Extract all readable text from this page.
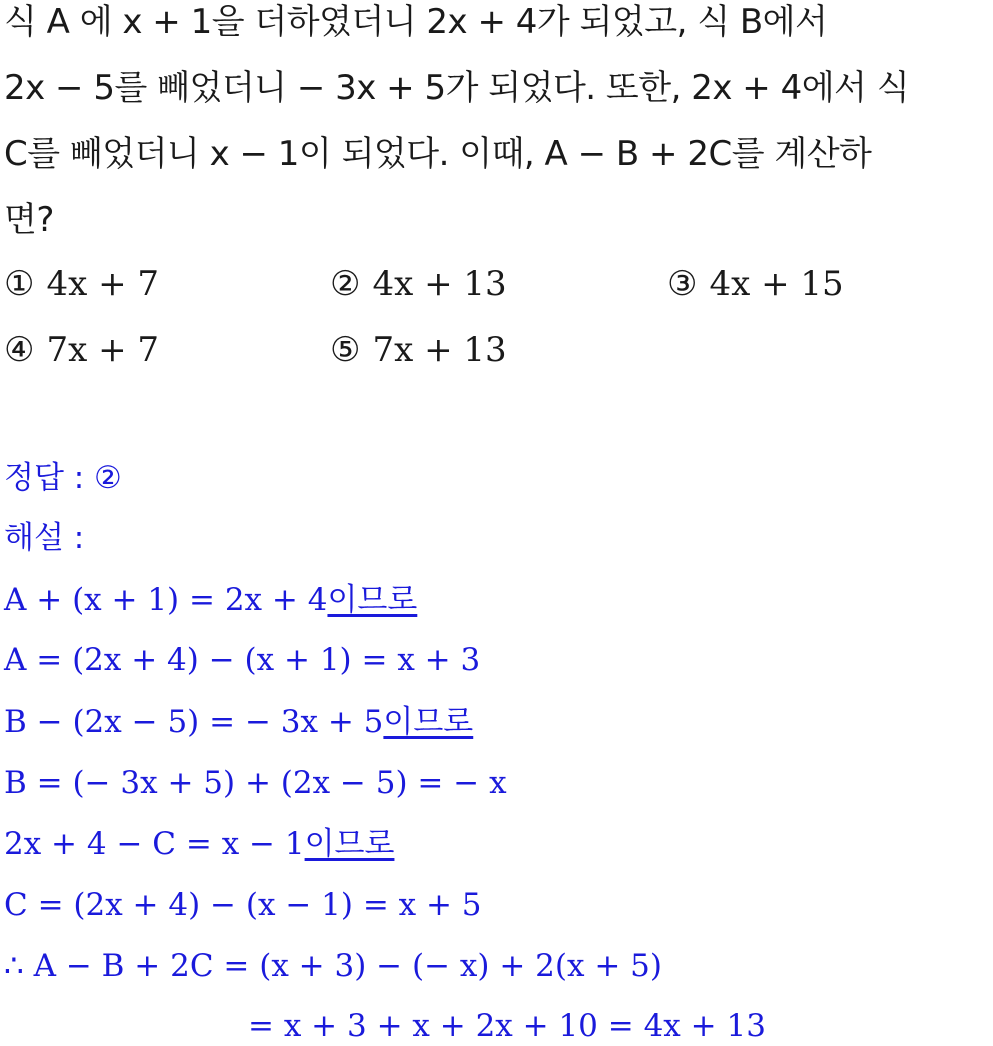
식 A 에 x + 1을 더하였더니 2x + 4가 되었고, 식 B에서
2x − 5를 빼었더니 − 3x + 5가 되었다. 또한, 2x + 4에서 식
C를 빼었더니 x − 1이 되었다. 이때, A − B + 2C를 계산하
면?
① 4x + 7	② 4x + 13	③ 4x + 15
④ 7x + 7	⑤ 7x + 13
정답 : ②
해설 :
A + (x + 1) = 2x + 4이므로
A = (2x + 4) − (x + 1) = x + 3
B − (2x − 5) = − 3x + 5이므로
B = (− 3x + 5) + (2x − 5) = − x
2x + 4 − C = x − 1이므로
C = (2x + 4) − (x − 1) = x + 5
∴ A − B + 2C = (x + 3) − (− x) + 2(x + 5)
= x + 3 + x + 2x + 10 = 4x + 13
